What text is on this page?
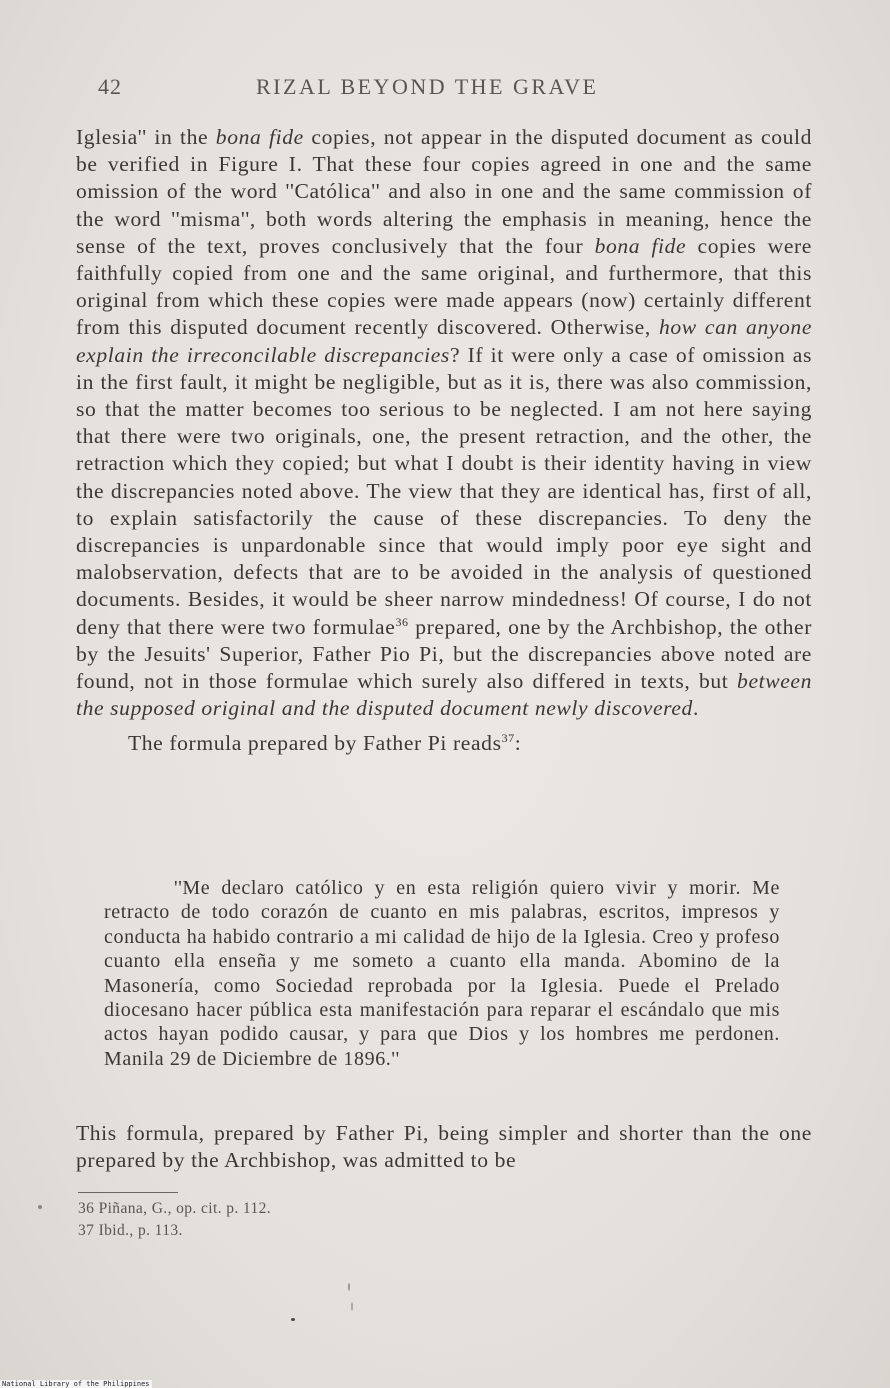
42	RIZAL BEYOND THE GRAVE

Iglesia'' in the bona fide copies, not appear in the disputed document as could be verified in Figure I. That these four copies agreed in one and the same omission of the word ''Católica'' and also in one and the same commission of the word ''misma'', both words altering the emphasis in meaning, hence the sense of the text, proves conclusively that the four bona fide copies were faithfully copied from one and the same original, and furthermore, that this original from which these copies were made appears (now) certainly different from this disputed document recently discovered. Otherwise, how can anyone explain the irreconcilable discrepancies? If it were only a case of omission as in the first fault, it might be negligible, but as it is, there was also commission, so that the matter becomes too serious to be neglected. I am not here saying that there were two originals, one, the present retraction, and the other, the retraction which they copied; but what I doubt is their identity having in view the discrepancies noted above. The view that they are identical has, first of all, to explain satisfactorily the cause of these discrepancies. To deny the discrepancies is unpardonable since that would imply poor eye sight and malobservation, defects that are to be avoided in the analysis of questioned documents. Besides, it would be sheer narrow mindedness! Of course, I do not deny that there were two formulae$^{36}$ prepared, one by the Archbishop, the other by the Jesuits' Superior, Father Pio Pi, but the discrepancies above noted are found, not in those formulae which surely also differed in texts, but between the supposed original and the disputed document newly discovered.

The formula prepared by Father Pi reads$^{37}$:

''Me declaro católico y en esta religión quiero vivir y morir. Me retracto de todo corazón de cuanto en mis palabras, escritos, impresos y conducta ha habido contrario a mi calidad de hijo de la Iglesia. Creo y profeso cuanto ella enseña y me someto a cuanto ella manda. Abomino de la Masonería, como Sociedad reprobada por la Iglesia. Puede el Prelado diocesano hacer pública esta manifestación para reparar el escándalo que mis actos hayan podido causar, y para que Dios y los hombres me perdonen. Manila 29 de Diciembre de 1896.''

This formula, prepared by Father Pi, being simpler and shorter than the one prepared by the Archbishop, was admitted to be

36 Piñana, G., op. cit. p. 112.
37 Ibid., p. 113.
National Library of the Philippines
